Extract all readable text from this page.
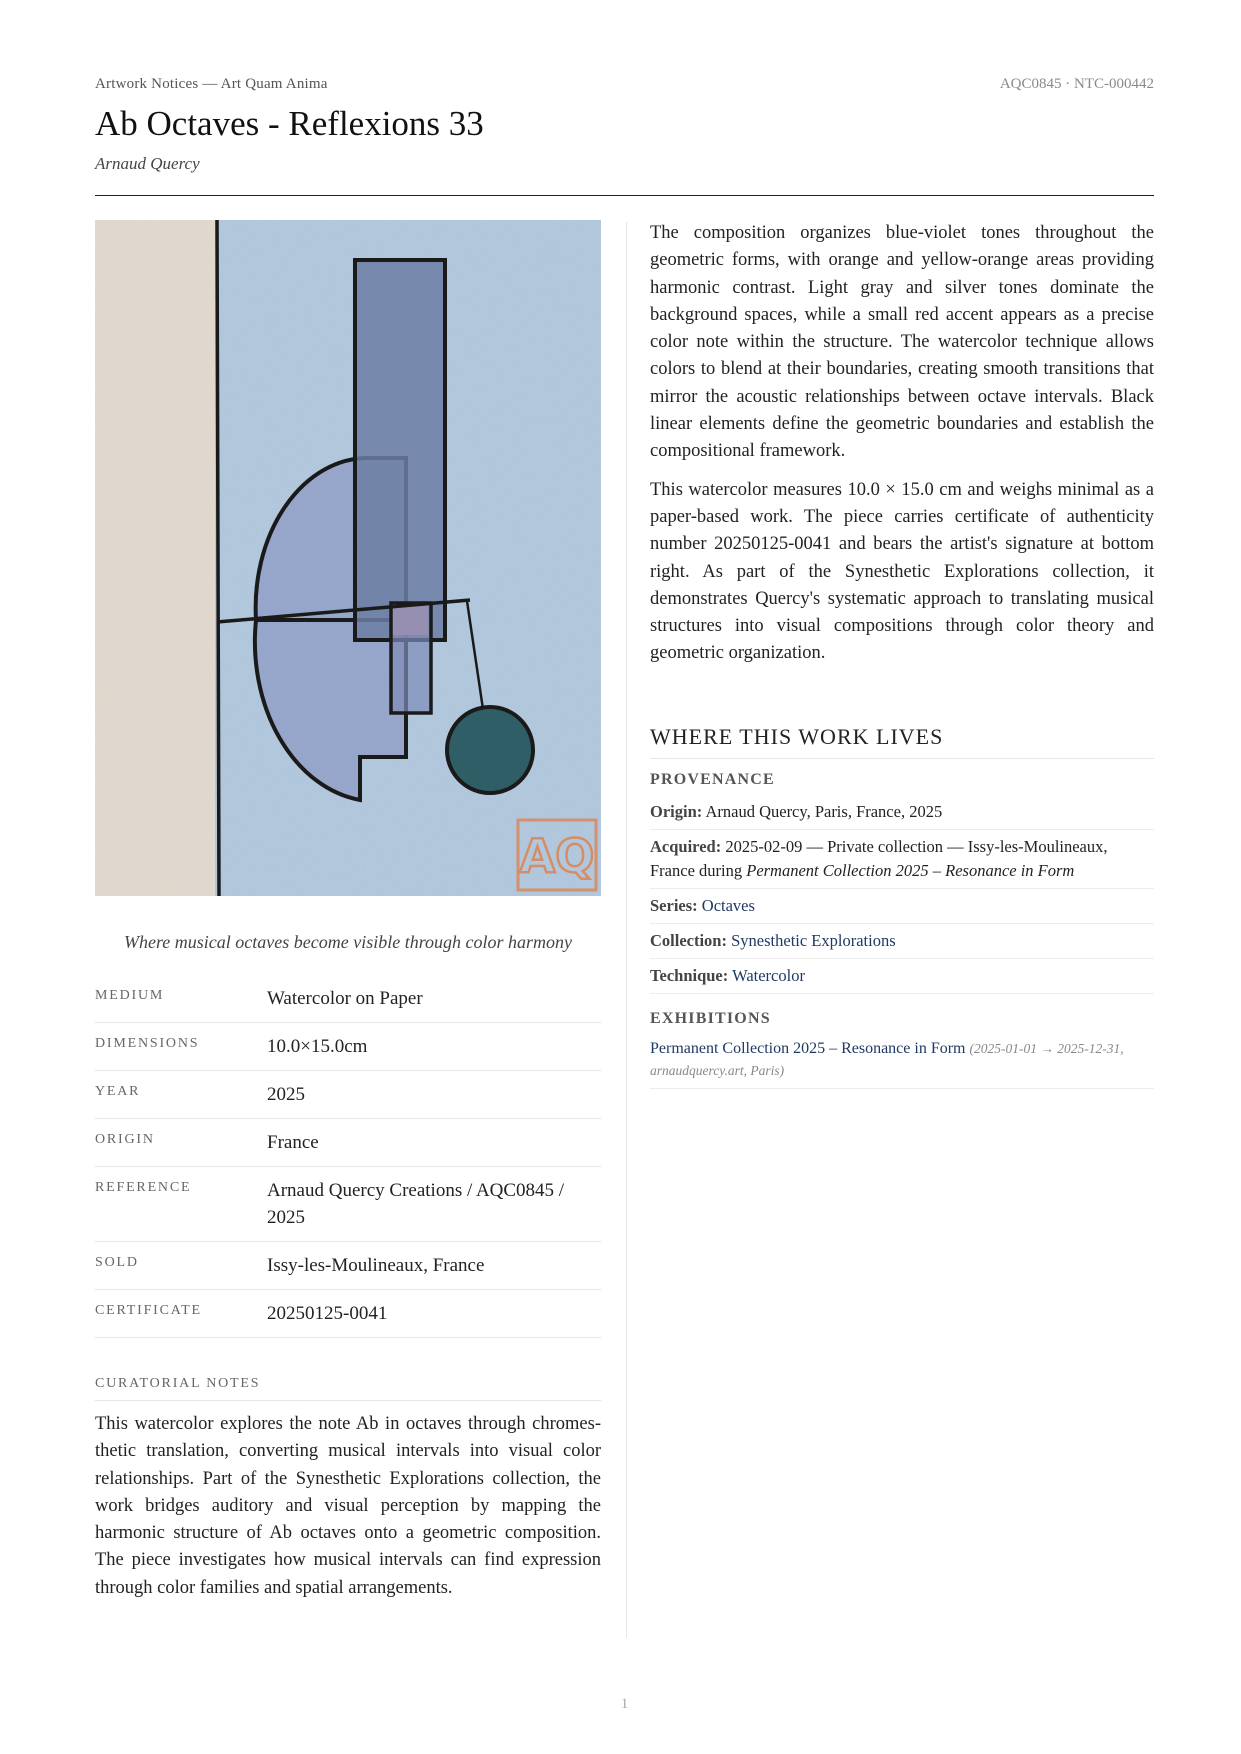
Artwork Notices — Art Quam Anima	AQC0845 · NTC-000442
Ab Octaves - Reflexions 33
Arnaud Quercy
AQ
Where musical octaves become visible through color harmony
MEDIUM	Watercolor on Paper
DIMENSIONS	10.0×15.0cm
YEAR	2025
ORIGIN	France
REFERENCE	Arnaud Quercy Creations / AQC0845 / 2025
SOLD	Issy-les-Moulineaux, France
CERTIFICATE	20250125-0041
CURATORIAL NOTES
This watercolor explores the note Ab in octaves through chromesthetic translation, converting musical intervals into visual color relationships. Part of the Synesthetic Explorations collection, the work bridges auditory and visual perception by mapping the harmonic structure of Ab octaves onto a geometric composition. The piece investigates how musical intervals can find expression through color families and spatial arrangements.

The composition organizes blue-violet tones throughout the geometric forms, with orange and yellow-orange areas providing harmonic contrast. Light gray and silver tones dominate the background spaces, while a small red accent appears as a precise color note within the structure. The watercolor technique allows colors to blend at their boundaries, creating smooth transitions that mirror the acoustic relationships between octave intervals. Black linear elements define the geometric boundaries and establish the compositional framework.

This watercolor measures 10.0 × 15.0 cm and weighs minimal as a paper-based work. The piece carries certificate of authenticity number 20250125-0041 and bears the artist's signature at bottom right. As part of the Synesthetic Explorations collection, it demonstrates Quercy's systematic approach to translating musical structures into visual compositions through color theory and geometric organization.

WHERE THIS WORK LIVES
PROVENANCE
Origin: Arnaud Quercy, Paris, France, 2025
Acquired: 2025-02-09 — Private collection — Issy-les-Moulineaux, France during Permanent Collection 2025 – Resonance in Form
Series: Octaves
Collection: Synesthetic Explorations
Technique: Watercolor
EXHIBITIONS
Permanent Collection 2025 – Resonance in Form (2025-01-01 → 2025-12-31, arnaudquercy.art, Paris)
1
